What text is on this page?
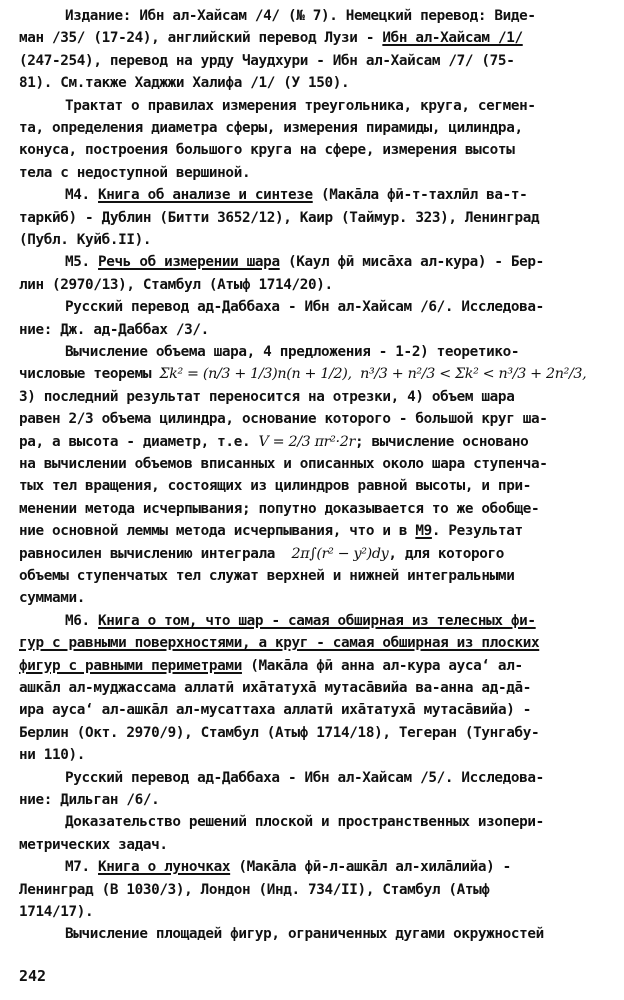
Издание: Ибн ал-Хайсам /4/ (№ 7). Немецкий перевод: Виде-
ман /35/ (17-24), английский перевод Лузи - Ибн ал-Хайсам /1/
(247-254), перевод на урду Чаудхури - Ибн ал-Хайсам /7/ (75-
81). См.также Хаджжи Халифа /1/ (У 150).
Трактат о правилах измерения треугольника, круга, сегмен-
та, определения диаметра сферы, измерения пирамиды, цилиндра,
конуса, построения большого круга на сфере, измерения высоты
тела с недоступной вершиной.
М4. Книга об анализе и синтезе (Макāла фӣ-т-тахлӣл ва-т-
таркӣб) - Дублин (Битти 3652/12), Каир (Таймур. 323), Ленинград
(Публ. Куйб.II).
М5. Речь об измерении шара (Каул фӣ мисāха ал-кура) - Бер-
лин (2970/13), Стамбул (Атыф 1714/20).
Русский перевод ад-Даббаха - Ибн ал-Хайсам /6/. Исследова-
ние: Дж. ад-Даббах /3/.
Вычисление объема шара, 4 предложения - 1-2) теоретико-
числовые теоремы Σk² = (n/3 + 1/3)n(n + 1/2),  n³/3 + n²/3 < Σk² < n³/3 + 2n²/3,
3) последний результат переносится на отрезки, 4) объем шара
равен 2/3 объема цилиндра, основание которого - большой круг ша-
ра, а высота - диаметр, т.е. V = 2/3 πr²·2r; вычисление основано
на вычислении объемов вписанных и описанных около шара ступенча-
тых тел вращения, состоящих из цилиндров равной высоты, и при-
менении метода исчерпывания; попутно доказывается то же обобще-
ние основной леммы метода исчерпывания, что и в М9. Результат
равносилен вычислению интеграла  2π∫(r² − y²)dy, для которого
объемы ступенчатых тел служат верхней и нижней интегральными
суммами.
М6. Книга о том, что шар - самая обширная из телесных фи-
гур с равными поверхностями, а круг - самая обширная из плоских
фигур с равными периметрами (Макāла фӣ анна ал-кура ауса‘ ал-
ашкāл ал-мудж‌ассама аллатӣ их‌āтатухā мутасāвийа ва-анна ад-дā-
ира ауса‘ ал-ашкāл ал-мусаттаха аллатӣ их‌āтатухā мутасāвийа) -
Берлин (Окт. 2970/9), Стамбул (Атыф 1714/18), Тегеран (Тунгабу-
ни 110).
Русский перевод ад-Даббаха - Ибн ал-Хайсам /5/. Исследова-
ние: Дильган /6/.
Доказательство решений плоской и пространственных изопери-
метрических задач.
М7. Книга о луночках (Макāла фӣ-л-ашкāл ал-хилāлийа) -
Ленинград (В 1030/3), Лондон (Инд. 734/II), Стамбул (Атыф
1714/17).
Вычисление площадей фигур, ограниченных дугами окружностей
242
